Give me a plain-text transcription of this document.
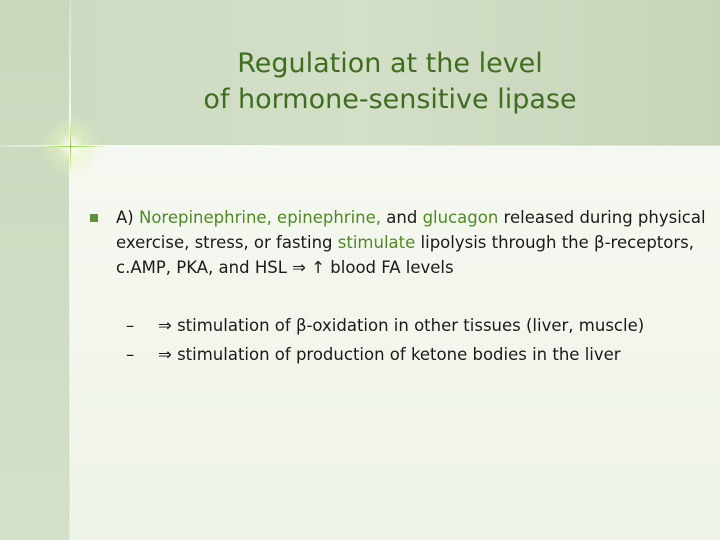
Regulation at the level
of hormone-sensitive lipase
A) Norepinephrine, epinephrine, and glucagon released during physical exercise, stress, or fasting stimulate lipolysis through the β-receptors, c.AMP, PKA, and HSL ⇒ ↑ blood FA levels
– ⇒ stimulation of β-oxidation in other tissues (liver, muscle)
– ⇒ stimulation of production of ketone bodies in the liver
